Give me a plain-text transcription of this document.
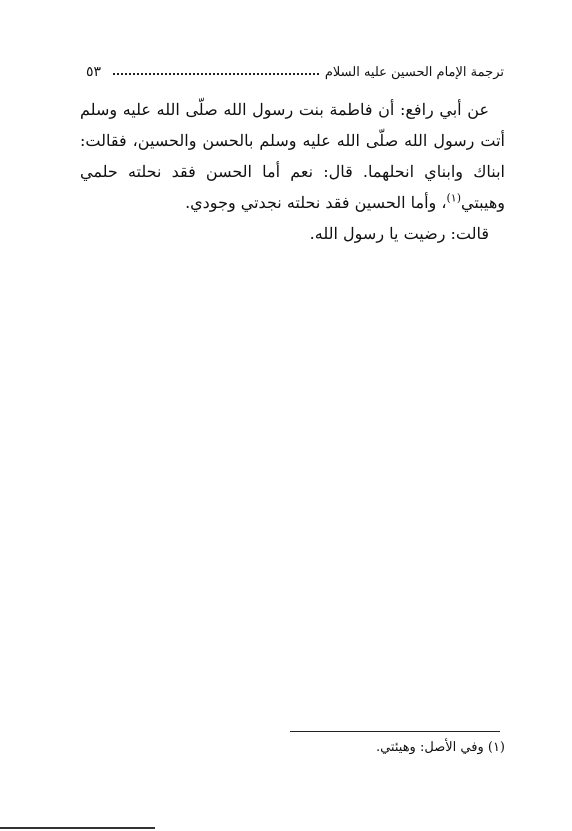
٥٣	ترجمة الإمام الحسين عليه السلام

عن أبي رافع: أن فاطمة بنت رسول الله صلّى الله عليه وسلم أتت رسول الله صلّى الله عليه وسلم بالحسن والحسين، فقالت: ابناك وابناي انحلهما. قال: نعم أما الحسن فقد نحلته حلمي وهيبتي$^{(١)}$، وأما الحسين فقد نحلته نجدتي وجودي.

قالت: رضيت يا رسول الله.

(١) وفي الأصل: وهيئتي.
